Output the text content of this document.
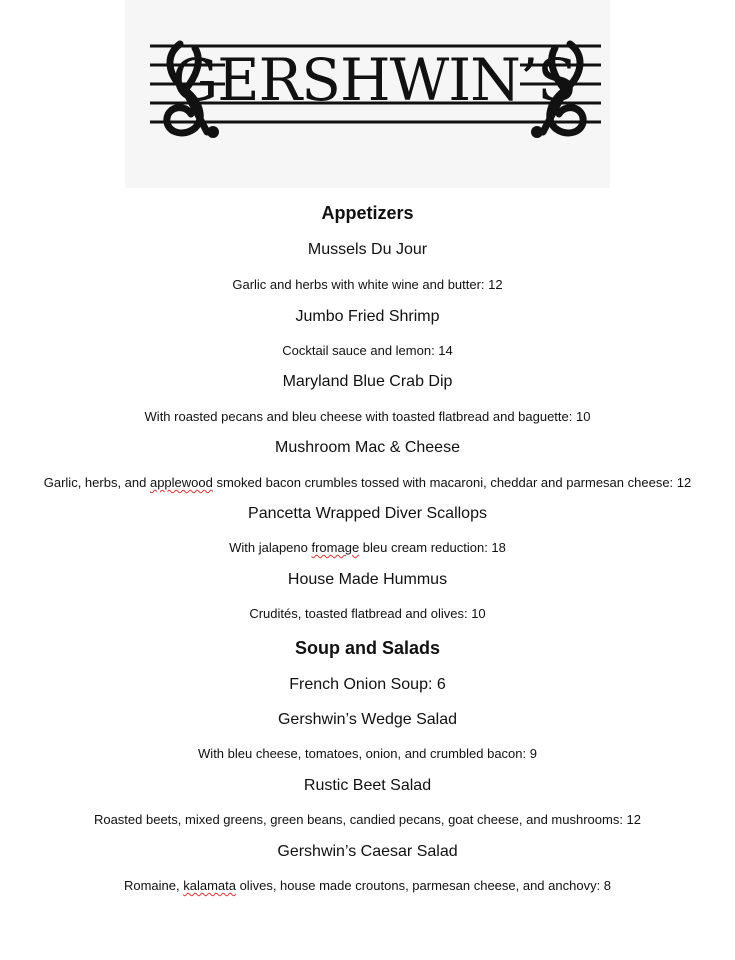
GERSHWIN’S
Appetizers
Mussels Du Jour
Garlic and herbs with white wine and butter: 12
Jumbo Fried Shrimp
Cocktail sauce and lemon: 14
Maryland Blue Crab Dip
With roasted pecans and bleu cheese with toasted flatbread and baguette: 10
Mushroom Mac & Cheese
Garlic, herbs, and applewood smoked bacon crumbles tossed with macaroni, cheddar and parmesan cheese: 12
Pancetta Wrapped Diver Scallops
With jalapeno fromage bleu cream reduction: 18
House Made Hummus
Crudités, toasted flatbread and olives: 10
Soup and Salads
French Onion Soup: 6
Gershwin’s Wedge Salad
With bleu cheese, tomatoes, onion, and crumbled bacon: 9
Rustic Beet Salad
Roasted beets, mixed greens, green beans, candied pecans, goat cheese, and mushrooms: 12
Gershwin’s Caesar Salad
Romaine, kalamata olives, house made croutons, parmesan cheese, and anchovy: 8
